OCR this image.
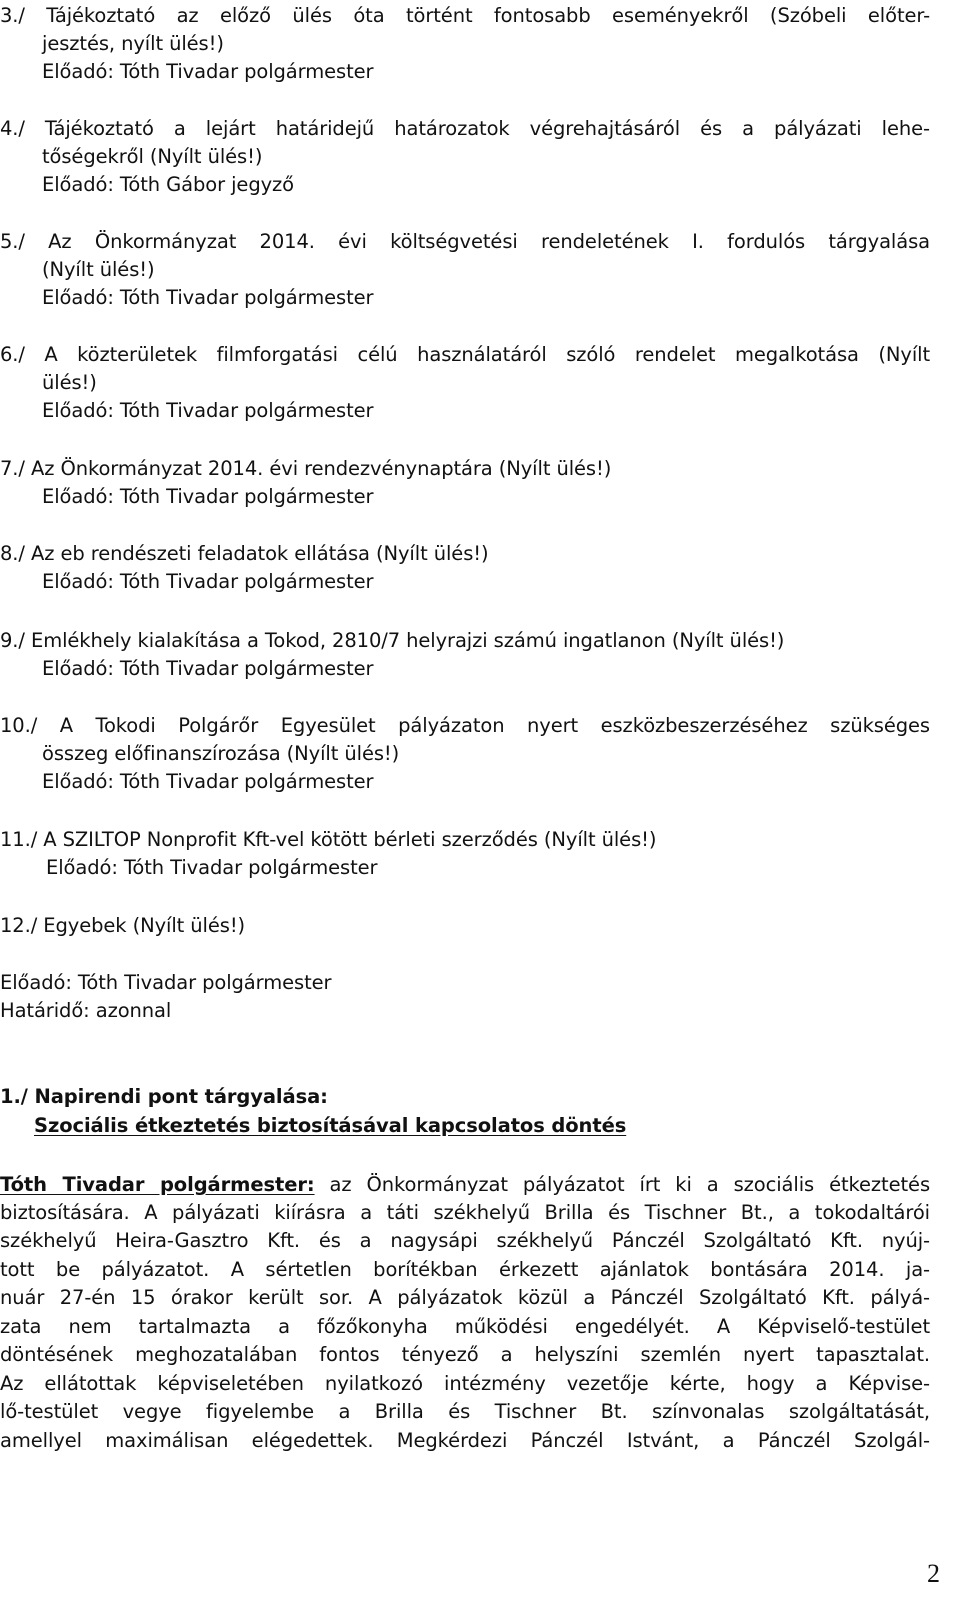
3./ Tájékoztató az előző ülés óta történt fontosabb eseményekről (Szóbeli előter-
jesztés, nyílt ülés!)
Előadó: Tóth Tivadar polgármester
4./ Tájékoztató a lejárt határidejű határozatok végrehajtásáról és a pályázati lehe-
tőségekről (Nyílt ülés!)
Előadó: Tóth Gábor jegyző
5./ Az Önkormányzat 2014. évi költségvetési rendeletének I. fordulós tárgyalása
(Nyílt ülés!)
Előadó: Tóth Tivadar polgármester
6./ A közterületek filmforgatási célú használatáról szóló rendelet megalkotása (Nyílt
ülés!)
Előadó: Tóth Tivadar polgármester
7./ Az Önkormányzat 2014. évi rendezvénynaptára (Nyílt ülés!)
Előadó: Tóth Tivadar polgármester
8./ Az eb rendészeti feladatok ellátása (Nyílt ülés!)
Előadó: Tóth Tivadar polgármester
9./ Emlékhely kialakítása a Tokod, 2810/7 helyrajzi számú ingatlanon (Nyílt ülés!)
Előadó: Tóth Tivadar polgármester
10./ A Tokodi Polgárőr Egyesület pályázaton nyert eszközbeszerzéséhez szükséges
összeg előfinanszírozása (Nyílt ülés!)
Előadó: Tóth Tivadar polgármester
11./ A SZILTOP Nonprofit Kft-vel kötött bérleti szerződés (Nyílt ülés!)
Előadó: Tóth Tivadar polgármester
12./ Egyebek (Nyílt ülés!)
Előadó: Tóth Tivadar polgármester
Határidő: azonnal
1./ Napirendi pont tárgyalása:
Szociális étkeztetés biztosításával kapcsolatos döntés
Tóth Tivadar polgármester: az Önkormányzat pályázatot írt ki a szociális étkeztetés
biztosítására. A pályázati kiírásra a táti székhelyű Brilla és Tischner Bt., a tokodaltárói
székhelyű Heira-Gasztro Kft. és a nagysápi székhelyű Pánczél Szolgáltató Kft. nyúj-
tott be pályázatot. A sértetlen borítékban érkezett ajánlatok bontására 2014. ja-
nuár 27-én 15 órakor került sor. A pályázatok közül a Pánczél Szolgáltató Kft. pályá-
zata nem tartalmazta a főzőkonyha működési engedélyét. A Képviselő-testület
döntésének meghozatalában fontos tényező a helyszíni szemlén nyert tapasztalat.
Az ellátottak képviseletében nyilatkozó intézmény vezetője kérte, hogy a Képvise-
lő-testület vegye figyelembe a Brilla és Tischner Bt. színvonalas szolgáltatását,
amellyel maximálisan elégedettek. Megkérdezi Pánczél Istvánt, a Pánczél Szolgál-
2
